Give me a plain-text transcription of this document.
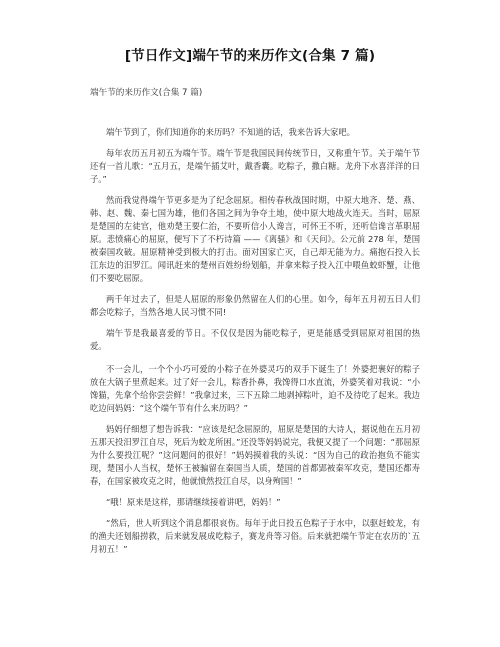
[节日作文]端午节的来历作文(合集 7 篇)
端午节的来历作文(合集 7 篇)

端午节到了，你们知道你的来历吗？不知道的话，我来告诉大家吧。

每年农历五月初五为端午节。端午节是我国民间传统节日，又称重午节。关于端午节还有一首儿歌：“五月五，是端午插艾叶，戴香囊。吃粽子，撒白糖。龙舟下水喜洋洋的日子。”

然而我觉得端午节更多是为了纪念屈原。相传春秋战国时期，中原大地齐、楚、燕、韩、赵、魏、秦七国为雄，他们各国之间为争夺土地，使中原大地战火连天。当时，屈原是楚国的左徒官，他劝楚王要仁治，不要听信小人谗言，可怀王不听，还听信谗言革职屈原。悲愤痛心的屈原，便写下了不朽诗篇 ——《离骚》和《天问》。公元前 278 年，楚国被秦国攻破。屈原精神受到极大的打击。面对国家亡灭，自己却无能为力。痛抱石投入长江东边的汨罗江。闻讯赶来的楚州百姓纷纷划船，并拿来粽子投入江中喂鱼蛟虾蟹，让他们不要吃屈原。

两千年过去了，但是人屈原的形象仍然留在人们的心里。如今，每年五月初五日人们都会吃粽子，当然各地人民习惯不同!

端午节是我最喜爱的节日。不仅仅是因为能吃粽子，更是能感受到屈原对祖国的热爱。

不一会儿，一个个小巧可爱的小粽子在外婆灵巧的双手下诞生了！外婆把裹好的粽子放在大锅子里煮起来。过了好一会儿，粽香扑鼻，我馋得口水直流，外婆笑着对我说：“小馋猫，先拿个给你尝尝鲜！”我拿过来，三下五除二地剥掉粽叶，迫不及待吃了起来。我边吃边问妈妈：“这个端午节有什么来历吗？”

妈妈仔细想了想告诉我：“应该是纪念屈原的，屈原是楚国的大诗人，据说他在五月初五那天投汨罗江自尽，死后为蛟龙所困。”还没等妈妈说完，我便又提了一个问题：“那屈原为什么要投江呢？”这问题问的很好！”妈妈摸着我的头说：“因为自己的政治抱负不能实现，楚国小人当权，楚怀王被骗留在秦国当人质，楚国的首都郢被秦军攻克，楚国还都寿春，在国家被攻克之时，他就愤然投江自尽，以身殉国！”

“哦！原来是这样，那请继续接着讲吧，妈妈！”

“然后，世人听到这个消息都很哀伤。每年于此日投五色粽子于水中，以驱赶蛟龙，有的渔夫还划船捞救，后来就发展成吃粽子，赛龙舟等习俗。后来就把端午节定在农历的`五月初五！”
